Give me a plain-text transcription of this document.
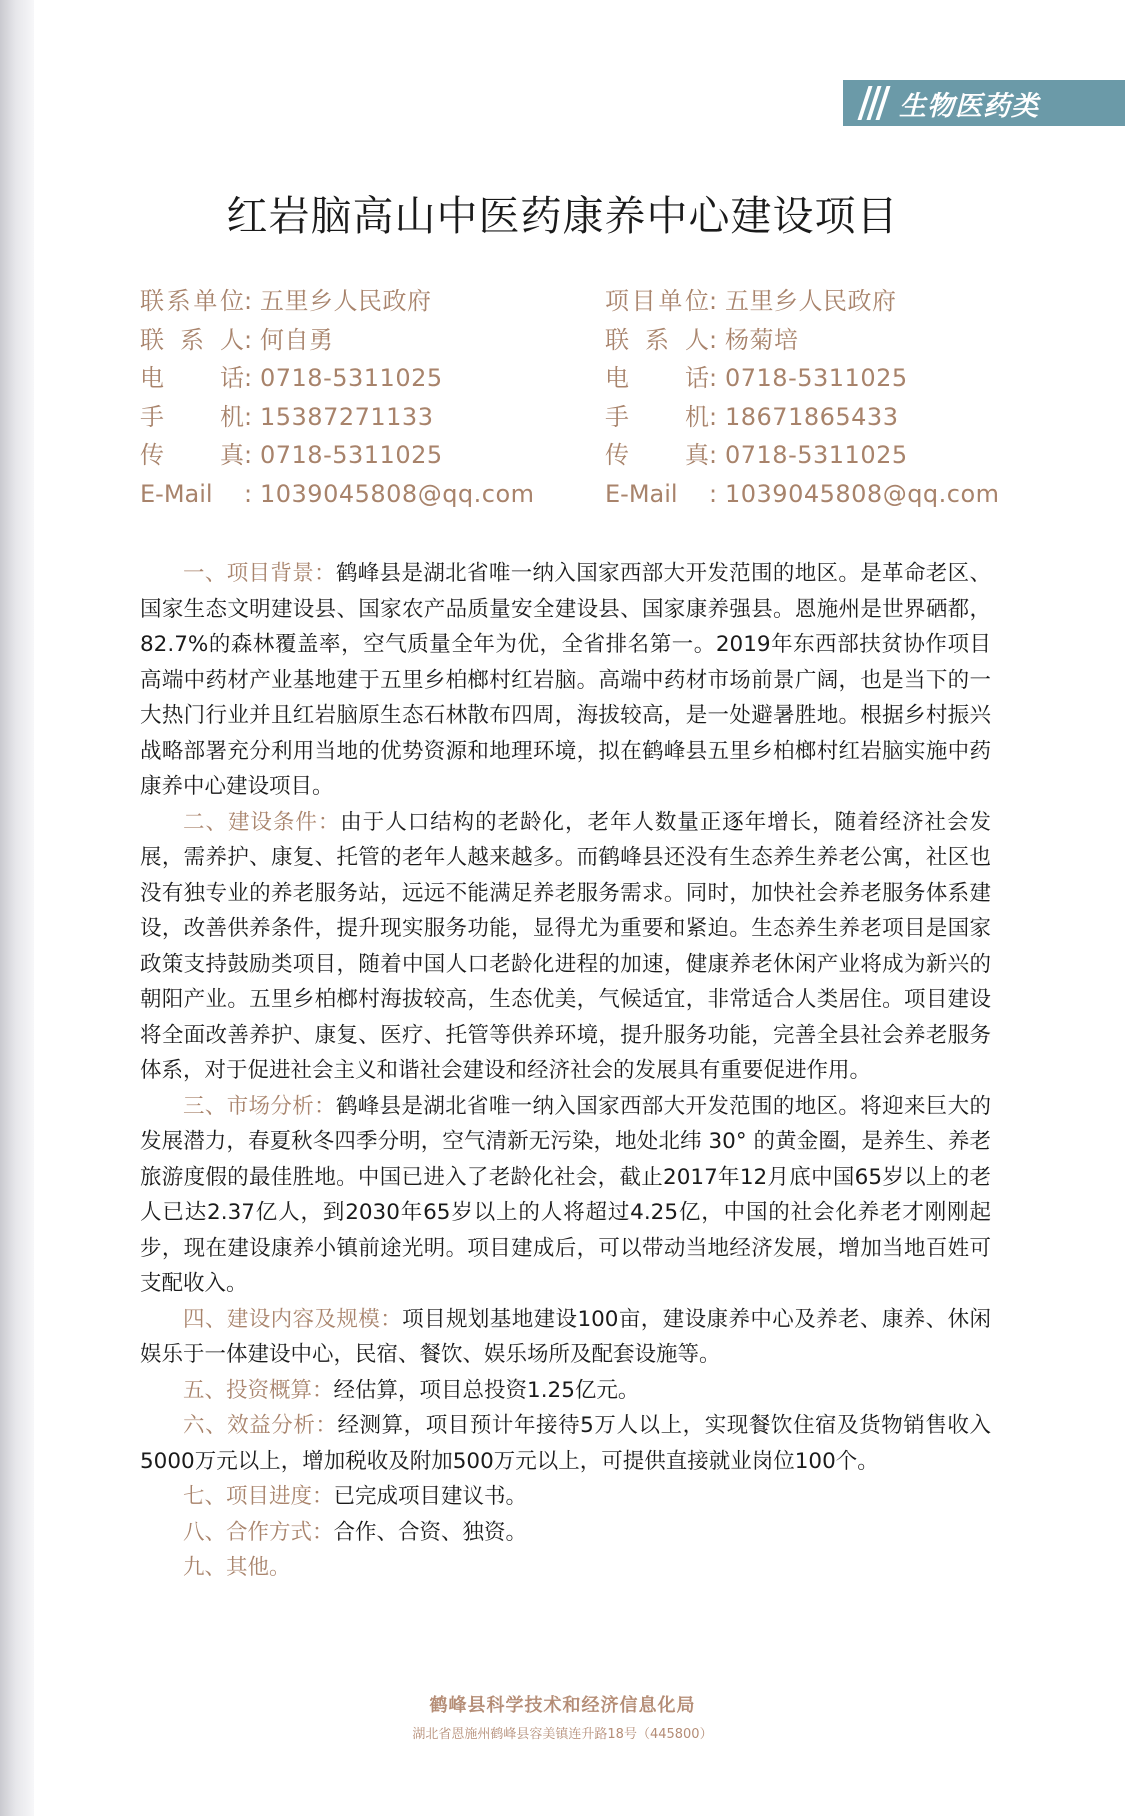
生物医药类
红岩脑高山中医药康养中心建设项目
联系单位: 五里乡人民政府
联 系 人: 何自勇
电 话: 0718-5311025
手 机: 15387271133
传 真: 0718-5311025
E-Mail : 1039045808@qq.com
项目单位: 五里乡人民政府
联 系 人: 杨菊培
电 话: 0718-5311025
手 机: 18671865433
传 真: 0718-5311025
E-Mail : 1039045808@qq.com

一、项目背景：鹤峰县是湖北省唯一纳入国家西部大开发范围的地区。是革命老区、国家生态文明建设县、国家农产品质量安全建设县、国家康养强县。恩施州是世界硒都，82.7%的森林覆盖率，空气质量全年为优，全省排名第一。2019年东西部扶贫协作项目高端中药材产业基地建于五里乡柏榔村红岩脑。高端中药材市场前景广阔，也是当下的一大热门行业并且红岩脑原生态石林散布四周，海拔较高，是一处避暑胜地。根据乡村振兴战略部署充分利用当地的优势资源和地理环境，拟在鹤峰县五里乡柏榔村红岩脑实施中药康养中心建设项目。

二、建设条件：由于人口结构的老龄化，老年人数量正逐年增长，随着经济社会发展，需养护、康复、托管的老年人越来越多。而鹤峰县还没有生态养生养老公寓，社区也没有独专业的养老服务站，远远不能满足养老服务需求。同时，加快社会养老服务体系建设，改善供养条件，提升现实服务功能，显得尤为重要和紧迫。生态养生养老项目是国家政策支持鼓励类项目，随着中国人口老龄化进程的加速，健康养老休闲产业将成为新兴的朝阳产业。五里乡柏榔村海拔较高，生态优美，气候适宜，非常适合人类居住。项目建设将全面改善养护、康复、医疗、托管等供养环境，提升服务功能，完善全县社会养老服务体系，对于促进社会主义和谐社会建设和经济社会的发展具有重要促进作用。

三、市场分析：鹤峰县是湖北省唯一纳入国家西部大开发范围的地区。将迎来巨大的发展潜力，春夏秋冬四季分明，空气清新无污染，地处北纬 30° 的黄金圈，是养生、养老旅游度假的最佳胜地。中国已进入了老龄化社会，截止2017年12月底中国65岁以上的老人已达2.37亿人，到2030年65岁以上的人将超过4.25亿，中国的社会化养老才刚刚起步，现在建设康养小镇前途光明。项目建成后，可以带动当地经济发展，增加当地百姓可支配收入。

四、建设内容及规模：项目规划基地建设100亩，建设康养中心及养老、康养、休闲娱乐于一体建设中心，民宿、餐饮、娱乐场所及配套设施等。

五、投资概算：经估算，项目总投资1.25亿元。

六、效益分析：经测算，项目预计年接待5万人以上，实现餐饮住宿及货物销售收入5000万元以上，增加税收及附加500万元以上，可提供直接就业岗位100个。

七、项目进度：已完成项目建议书。

八、合作方式：合作、合资、独资。

九、其他。

鹤峰县科学技术和经济信息化局
湖北省恩施州鹤峰县容美镇连升路18号（445800）
